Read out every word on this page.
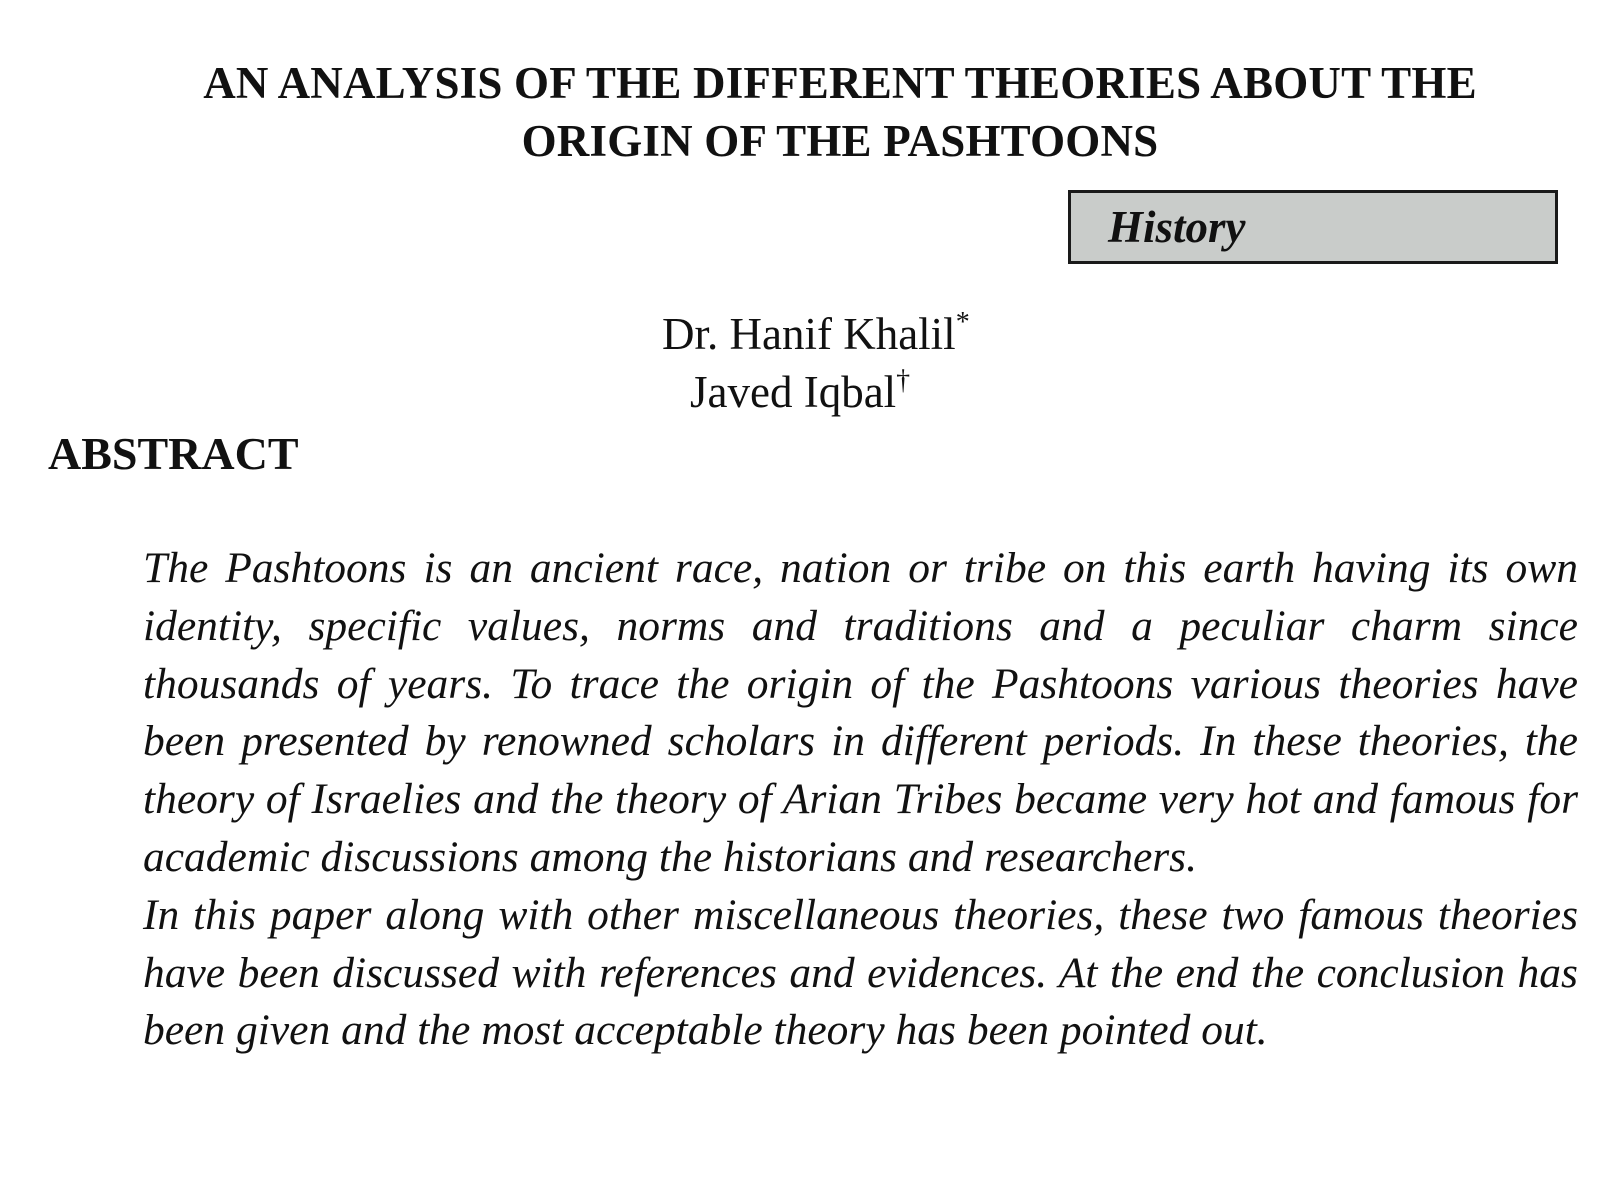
AN ANALYSIS OF THE DIFFERENT THEORIES ABOUT THE
ORIGIN OF THE PASHTOONS
History
Dr. Hanif Khalil*
Javed Iqbal†
ABSTRACT

The Pashtoons is an ancient race, nation or tribe on this earth having its own identity, specific values, norms and traditions and a peculiar charm since thousands of years. To trace the origin of the Pashtoons various theories have been presented by renowned scholars in different periods. In these theories, the theory of Israelies and the theory of Arian Tribes became very hot and famous for academic discussions among the historians and researchers.

In this paper along with other miscellaneous theories, these two famous theories have been discussed with references and evidences. At the end the conclusion has been given and the most acceptable theory has been pointed out.
